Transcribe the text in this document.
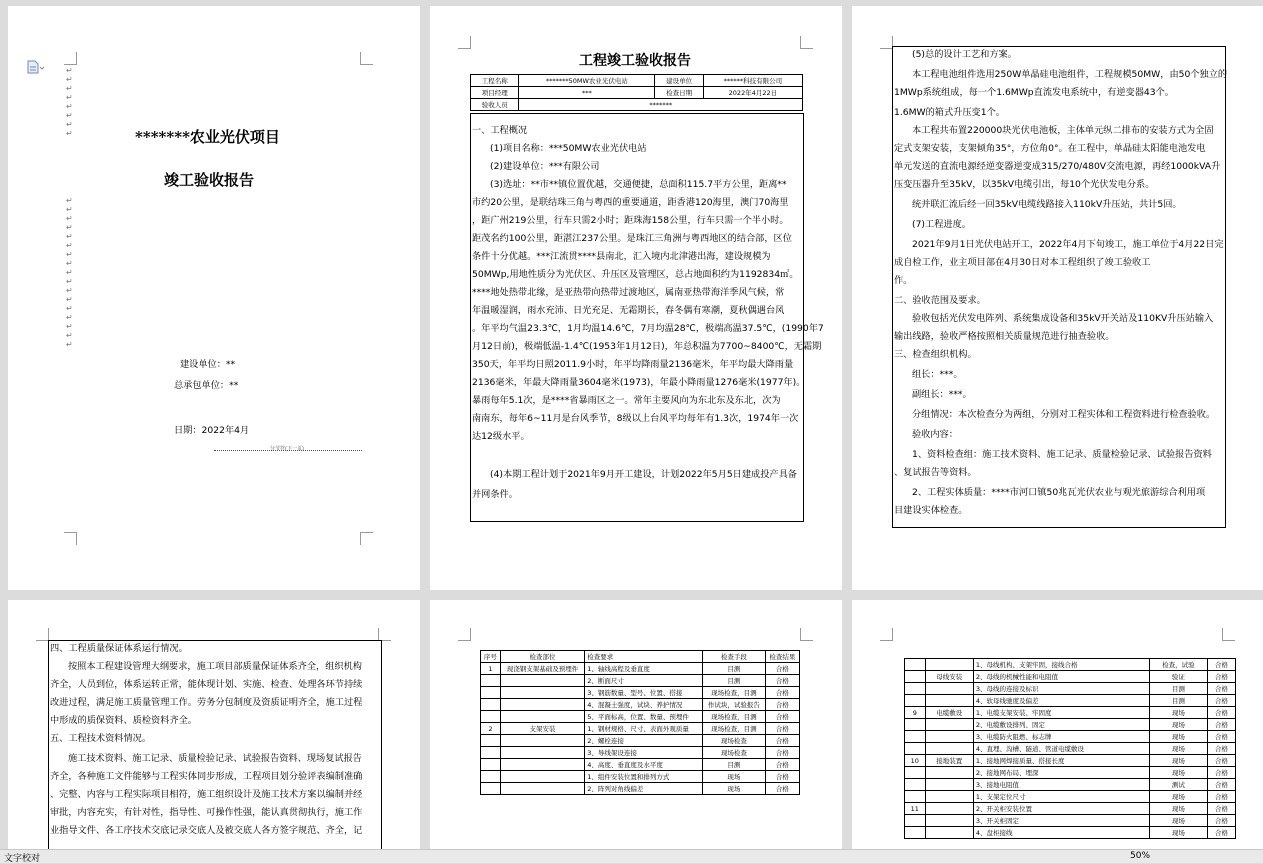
↵
↵
↵
↵
↵
↵
↵
↵	*******农业光伏项目
竣工验收报告
↵
↵
↵
↵
↵
↵
↵
↵
↵
↵
↵
↵
↵
↵
↵
↵
↵
建设单位：**
总承包单位：**
日期：2022年4月
分节符(下一页)
工程竣工验收报告
工程名称	*******50MW农业光伏电站	建设单位	******科技有限公司
项目经理	***	检查日期	2022年4月22日
验收人员	*******		
一、工程概况
(1)项目名称：***50MW农业光伏电站
(2)建设单位：***有限公司
(3)选址：**市**镇位置优越，交通便捷，总面积115.7平方公里，距离**
市约20公里，是联结珠三角与粤西的重要通道，距香港120海里，澳门70海里
，距广州219公里，行车只需2小时；距珠海158公里，行车只需一个半小时。
距茂名约100公里，距湛江237公里。是珠江三角洲与粤西地区的结合部，区位
条件十分优越。***江流贯****县南北，汇入境内北津港出海，建设规模为
50MWp,用地性质分为光伏区、升压区及管理区，总占地面积约为1192834㎡。
****地处热带北缘，是亚热带向热带过渡地区，属南亚热带海洋季风气候，常
年温暖湿润，雨水充沛、日光充足、无霜期长，春冬偶有寒潮，夏秋偶遇台风
。年平均气温23.3℃，1月均温14.6℃，7月均温28℃，极端高温37.5℃，(1990年7
月12日前)，极端低温-1.4℃(1953年1月12日)，年总积温为7700~8400℃，无霜期
350天，年平均日照2011.9小时，年平均降雨量2136毫米，年平均最大降雨量
2136毫米，年最大降雨量3604毫米(1973)，年最小降雨量1276毫米(1977年)。
暴雨每年5.1次，是****省暴雨区之一。常年主要风向为东北东及东北，次为
南南东，每年6~11月是台风季节，8级以上台风平均每年有1.3次，1974年一次
达12级水平。
(4)本期工程计划于2021年9月开工建设，计划2022年5月5日建成投产具备
并网条件。
(5)总的设计工艺和方案。
本工程电池组件选用250W单晶硅电池组件，工程规模50MW，由50个独立的
1MWp系统组成，每一个1.6MWp直流发电系统中，有逆变器43个。
1.6MW的箱式升压变1个。
本工程共布置220000块光伏电池板，主体单元纵二排布的安装方式为全固
定式支架安装，支架倾角35°，方位角0°。在工程中，单晶硅太阳能电池发电
单元发送的直流电源经逆变器逆变成315/270/480V交流电源，再经1000kVA升
压变压器升至35kV，以35kV电缆引出，每10个光伏发电分系。
统并联汇流后经一回35kV电缆线路接入110kV升压站，共计5回。
(7)工程进度。
2021年9月1日光伏电站开工，2022年4月下旬竣工，施工单位于4月22日完
成自检工作，业主项目部在4月30日对本工程组织了竣工验收工
作。
二、验收范围及要求。
验收包括光伏发电阵列、系统集成设备和35kV开关站及110KV升压站输入
输出线路，验收严格按照相关质量规范进行抽查验收。
三、检查组织机构。
组长：***。
副组长：***。
分组情况：本次检查分为两组，分别对工程实体和工程资料进行检查验收。
验收内容：
1、资料检查组：施工技术资料、施工记录、质量检验记录、试验报告资料
、复试报告等资料。
2、工程实体质量：****市河口镇50兆瓦光伏农业与观光旅游综合利用项
目建设实体检查。
四、工程质量保证体系运行情况。
按照本工程建设管理大纲要求，施工项目部质量保证体系齐全，组织机构
齐全，人员到位，体系运转正常，能体现计划、实施、检查、处理各环节持续
改进过程，满足施工质量管理工作。劳务分包制度及资质证明齐全，施工过程
中形成的质保资料、质检资料齐全。
五、工程技术资料情况。
施工技术资料、施工记录、质量检验记录、试验报告资料、现场复试报告
齐全，各种施工文件能够与工程实体同步形成，工程项目划分验评表编制准确
、完整、内容与工程实际项目相符，施工组织设计及施工技术方案以编制并经
审批，内容充实，有针对性，指导性、可操作性强，能认真贯彻执行，施工作
业指导文件、各工序技术交底记录交底人及被交底人各方签字规范、齐全，记
序号	检查部位	检查要求	检查手段	检查结果
1	现浇钢支架基础及预埋件	1、轴线高程及垂直度	目测	合格
		2、断面尺寸	目测	合格
		3、钢筋数量、型号、位置、搭接	现场检查，目测	合格
		4、混凝土强度，试块、养护情况	作试块，试验报告	合格
		5、平面标高，位置、数量、预埋件	现场检查，目测	合格
2	支架安装	1、钢材规格、尺寸、表面外观质量	现场检查，目测	合格
		2、螺栓连接	现场检查	合格
		3、导线架设连接	现场检查	合格
		4、高度、垂直度及水平度	目测	合格
		1、组件安装位置和排列方式	现场	合格
		2、阵列对角线偏差	现场	合格
		1、母线机构、支架牢固，接线合格	检查，试验	合格
	母线安装	2、母线的机械性能和电阻值	验证	合格
		3、母线的连接及标识	目测	合格
		4、软母线驰度及偏差	目测	合格
9	电缆敷设	1、电缆支架安装、牢固度	现场	合格
		2、电缆敷设排列、固定	现场	合格
		3、电缆防火阻燃、标志牌	现场	合格
		4、直埋、沟槽、隧道、管道电缆敷设	现场	合格
10	接地装置	1、接地网焊接质量、搭接长度	现场	合格
		2、接地网布局、埋深	现场	合格
		3、接地电阻值	测试	合格
		1、支架定位尺寸	现场	合格
11		2、开关柜安装位置	现场	合格
		3、开关柜固定	现场	合格
		4、盘柜接线	现场	合格
文字校对	50%
